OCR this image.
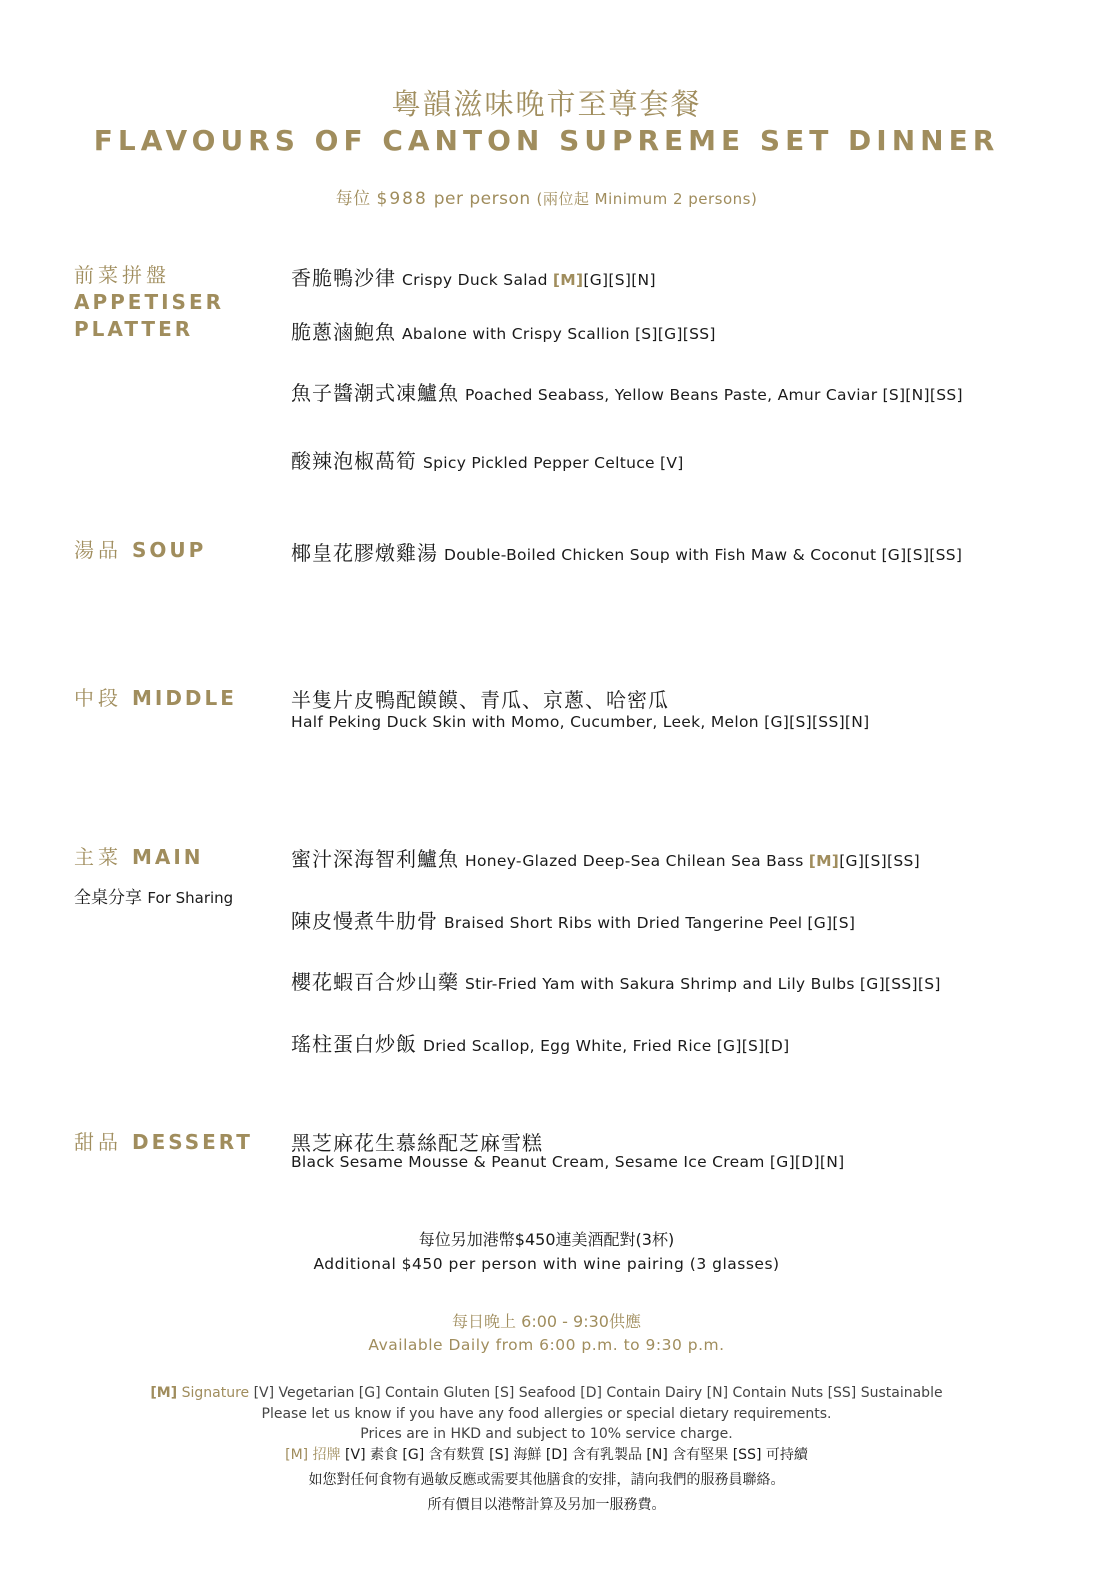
粵韻滋味晚市至尊套餐
FLAVOURS OF CANTON SUPREME SET DINNER
每位 $988 per person (兩位起 Minimum 2 persons)
前菜拼盤
APPETISER
PLATTER
香脆鴨沙律 Crispy Duck Salad [M][G][S][N]
脆蔥滷鮑魚 Abalone with Crispy Scallion [S][G][SS]
魚子醬潮式凍鱸魚 Poached Seabass, Yellow Beans Paste, Amur Caviar [S][N][SS]
酸辣泡椒萵筍 Spicy Pickled Pepper Celtuce [V]
湯品 SOUP	椰皇花膠燉雞湯 Double-Boiled Chicken Soup with Fish Maw & Coconut [G][S][SS]
中段 MIDDLE	半隻片皮鴨配饃饃、青瓜、京蔥、哈密瓜
Half Peking Duck Skin with Momo, Cucumber, Leek, Melon [G][S][SS][N]
主菜 MAIN
全桌分享 For Sharing
蜜汁深海智利鱸魚 Honey-Glazed Deep-Sea Chilean Sea Bass [M][G][S][SS]
陳皮慢煮牛肋骨 Braised Short Ribs with Dried Tangerine Peel [G][S]
櫻花蝦百合炒山藥 Stir-Fried Yam with Sakura Shrimp and Lily Bulbs [G][SS][S]
瑤柱蛋白炒飯 Dried Scallop, Egg White, Fried Rice [G][S][D]
甜品 DESSERT	黑芝麻花生慕絲配芝麻雪糕
Black Sesame Mousse & Peanut Cream, Sesame Ice Cream [G][D][N]
每位另加港幣$450連美酒配對(3杯)
Additional $450 per person with wine pairing (3 glasses)
每日晚上 6:00 - 9:30供應
Available Daily from 6:00 p.m. to 9:30 p.m.
[M] Signature [V] Vegetarian [G] Contain Gluten [S] Seafood [D] Contain Dairy [N] Contain Nuts [SS] Sustainable
Please let us know if you have any food allergies or special dietary requirements.
Prices are in HKD and subject to 10% service charge.
[M] 招牌 [V] 素食 [G] 含有麩質 [S] 海鮮 [D] 含有乳製品 [N] 含有堅果 [SS] 可持續
如您對任何食物有過敏反應或需要其他膳食的安排，請向我們的服務員聯絡。
所有價目以港幣計算及另加一服務費。
